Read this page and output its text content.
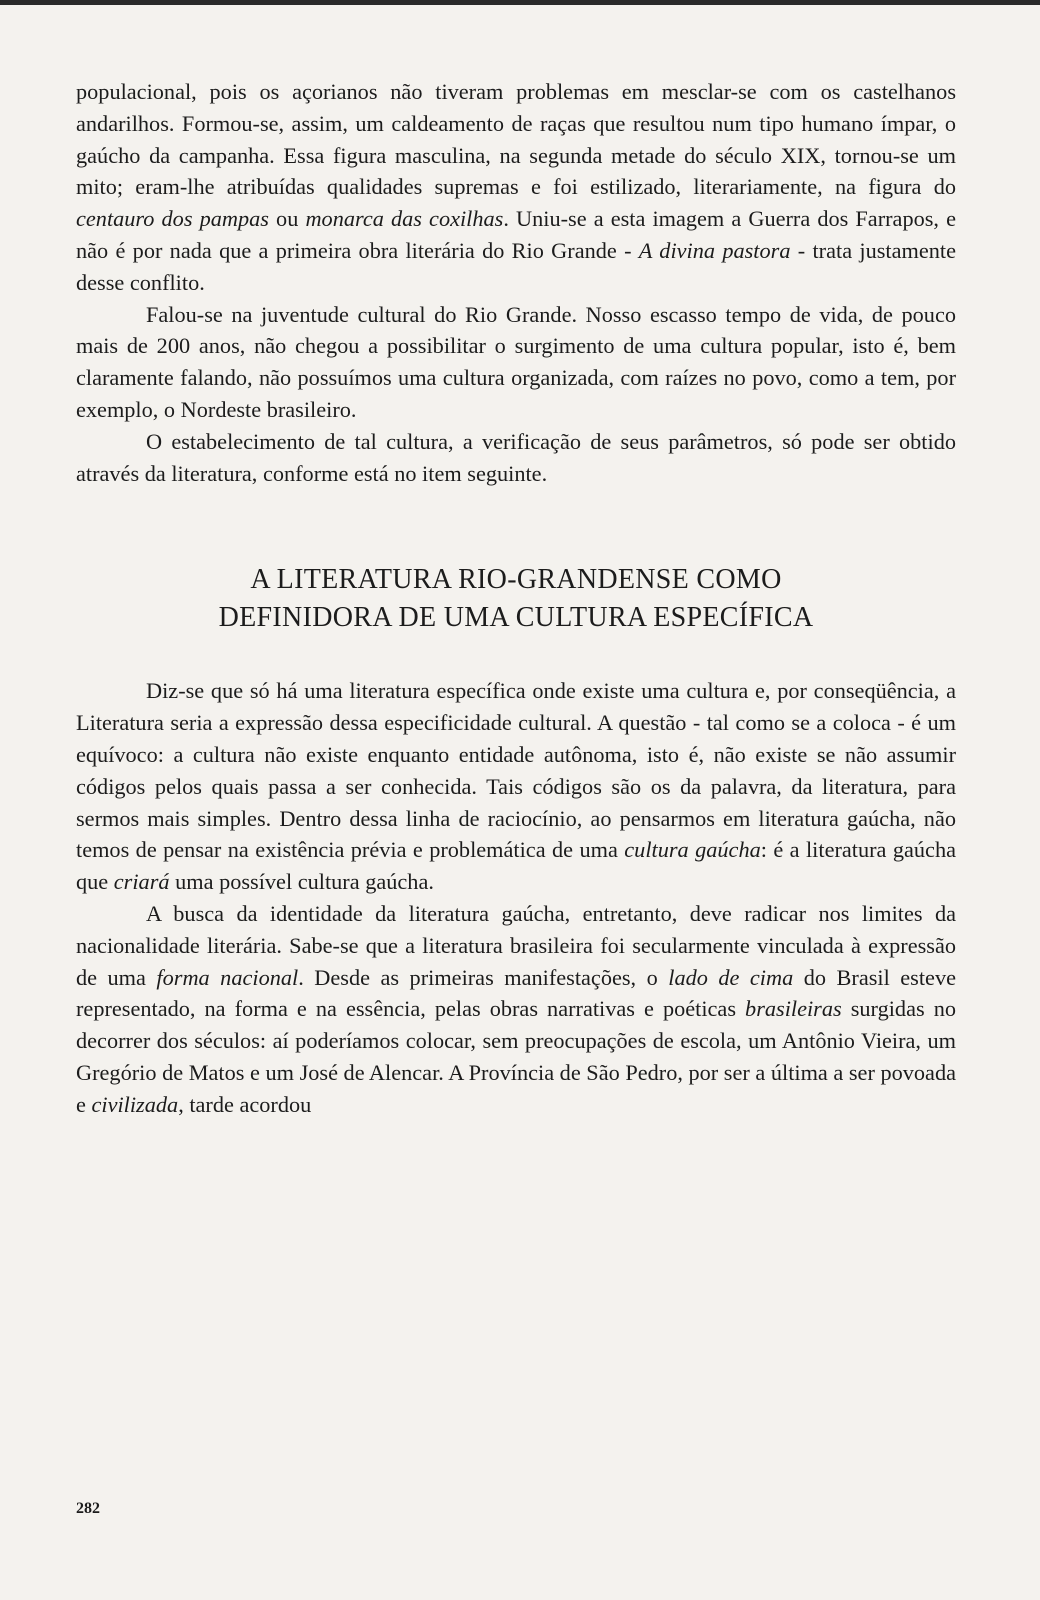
populacional, pois os açorianos não tiveram problemas em mesclar-se com os castelhanos andarilhos. Formou-se, assim, um caldeamento de raças que resultou num tipo humano ímpar, o gaúcho da campanha. Essa figura masculina, na segunda metade do século XIX, tornou-se um mito; eram-lhe atribuídas qualidades supremas e foi estilizado, literariamente, na figura do centauro dos pampas ou monarca das coxilhas. Uniu-se a esta imagem a Guerra dos Farrapos, e não é por nada que a primeira obra literária do Rio Grande - A divina pastora - trata justamente desse conflito.

Falou-se na juventude cultural do Rio Grande. Nosso escasso tempo de vida, de pouco mais de 200 anos, não chegou a possibilitar o surgimento de uma cultura popular, isto é, bem claramente falando, não possuímos uma cultura organizada, com raízes no povo, como a tem, por exemplo, o Nordeste brasileiro.

O estabelecimento de tal cultura, a verificação de seus parâmetros, só pode ser obtido através da literatura, conforme está no item seguinte.

A LITERATURA RIO-GRANDENSE COMO
DEFINIDORA DE UMA CULTURA ESPECÍFICA

Diz-se que só há uma literatura específica onde existe uma cultura e, por conseqüência, a Literatura seria a expressão dessa especificidade cultural. A questão - tal como se a coloca - é um equívoco: a cultura não existe enquanto entidade autônoma, isto é, não existe se não assumir códigos pelos quais passa a ser conhecida. Tais códigos são os da palavra, da literatura, para sermos mais simples. Dentro dessa linha de raciocínio, ao pensarmos em literatura gaúcha, não temos de pensar na existência prévia e problemática de uma cultura gaúcha: é a literatura gaúcha que criará uma possível cultura gaúcha.

A busca da identidade da literatura gaúcha, entretanto, deve radicar nos limites da nacionalidade literária. Sabe-se que a literatura brasileira foi secularmente vinculada à expressão de uma forma nacional. Desde as primeiras manifestações, o lado de cima do Brasil esteve representado, na forma e na essência, pelas obras narrativas e poéticas brasileiras surgidas no decorrer dos séculos: aí poderíamos colocar, sem preocupações de escola, um Antônio Vieira, um Gregório de Matos e um José de Alencar. A Província de São Pedro, por ser a última a ser povoada e civilizada, tarde acordou

282
